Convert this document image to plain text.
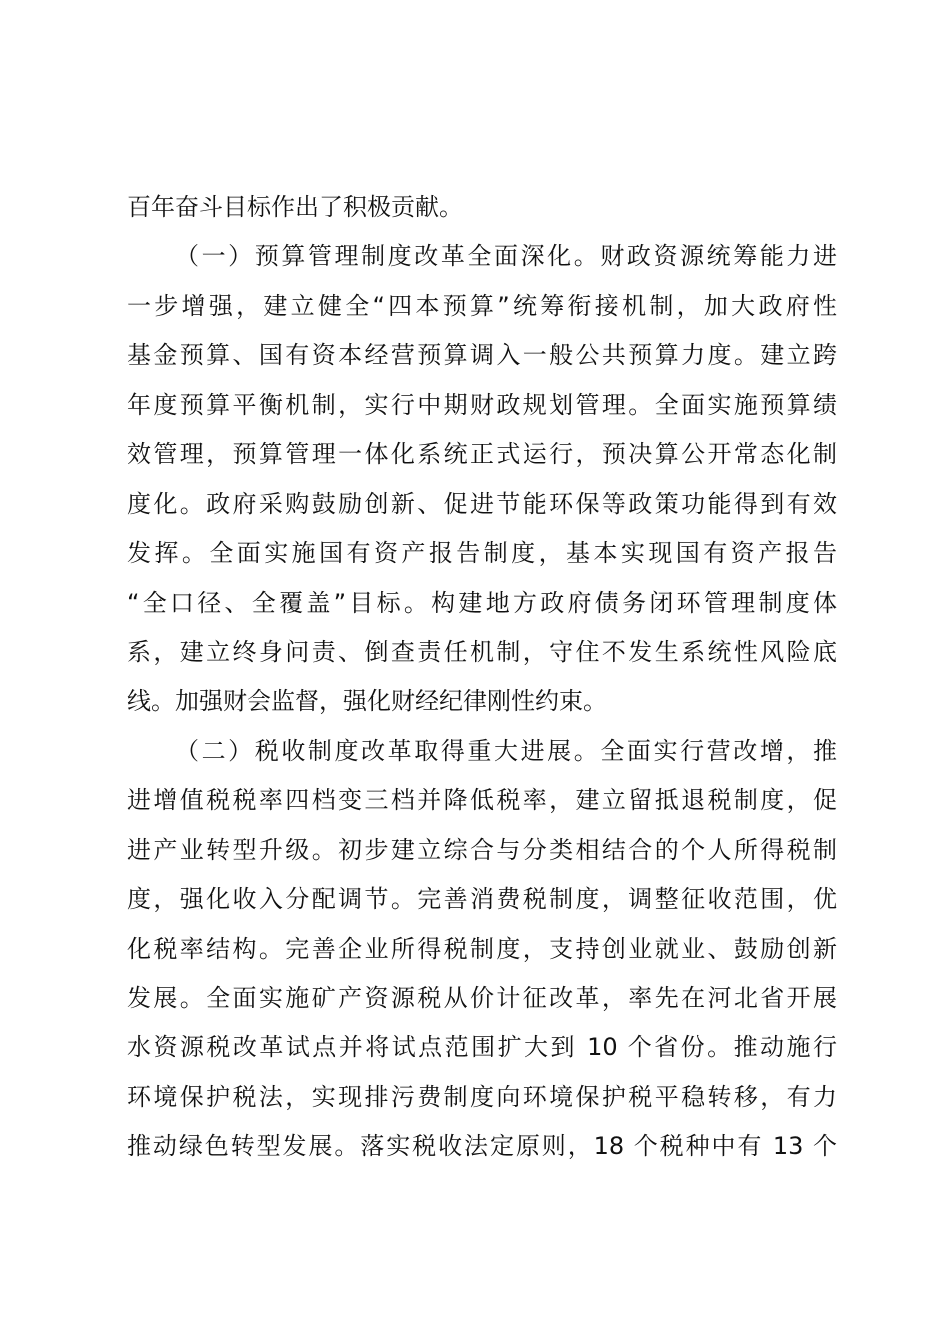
百年奋斗目标作出了积极贡献。
（一）预算管理制度改革全面深化。财政资源统筹能力进
一步增强，建立健全“四本预算”统筹衔接机制，加大政府性
基金预算、国有资本经营预算调入一般公共预算力度。建立跨
年度预算平衡机制，实行中期财政规划管理。全面实施预算绩
效管理，预算管理一体化系统正式运行，预决算公开常态化制
度化。政府采购鼓励创新、促进节能环保等政策功能得到有效
发挥。全面实施国有资产报告制度，基本实现国有资产报告
“全口径、全覆盖”目标。构建地方政府债务闭环管理制度体
系，建立终身问责、倒查责任机制，守住不发生系统性风险底
线。加强财会监督，强化财经纪律刚性约束。
（二）税收制度改革取得重大进展。全面实行营改增，推
进增值税税率四档变三档并降低税率，建立留抵退税制度，促
进产业转型升级。初步建立综合与分类相结合的个人所得税制
度，强化收入分配调节。完善消费税制度，调整征收范围，优
化税率结构。完善企业所得税制度，支持创业就业、鼓励创新
发展。全面实施矿产资源税从价计征改革，率先在河北省开展
水资源税改革试点并将试点范围扩大到 10 个省份。推动施行
环境保护税法，实现排污费制度向环境保护税平稳转移，有力
推动绿色转型发展。落实税收法定原则，18 个税种中有 13 个
